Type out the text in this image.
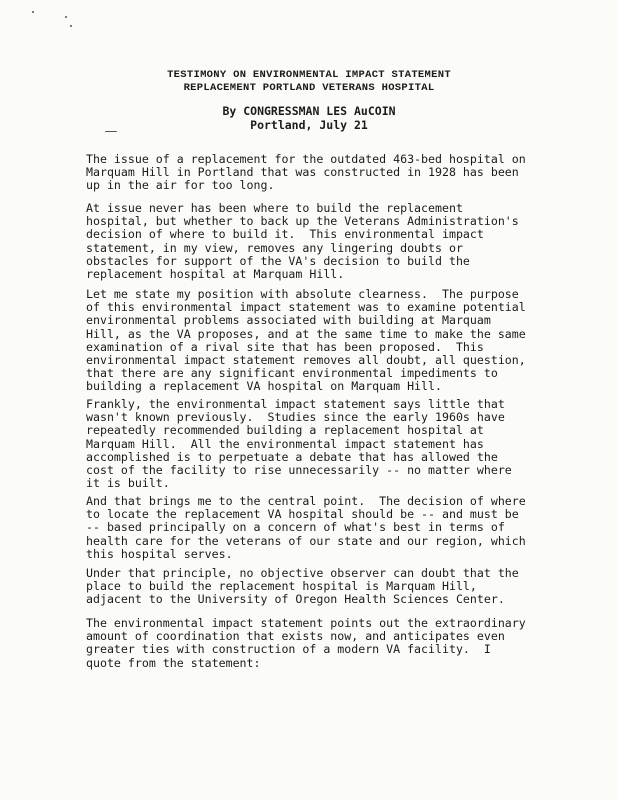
TESTIMONY ON ENVIRONMENTAL IMPACT STATEMENT
REPLACEMENT PORTLAND VETERANS HOSPITAL
By CONGRESSMAN LES AuCOIN
Portland, July 21
The issue of a replacement for the outdated 463-bed hospital on
Marquam Hill in Portland that was constructed in 1928 has been
up in the air for too long.
At issue never has been where to build the replacement
hospital, but whether to back up the Veterans Administration's
decision of where to build it.  This environmental impact
statement, in my view, removes any lingering doubts or
obstacles for support of the VA's decision to build the
replacement hospital at Marquam Hill.
Let me state my position with absolute clearness.  The purpose
of this environmental impact statement was to examine potential
environmental problems associated with building at Marquam
Hill, as the VA proposes, and at the same time to make the same
examination of a rival site that has been proposed.  This
environmental impact statement removes all doubt, all question,
that there are any significant environmental impediments to
building a replacement VA hospital on Marquam Hill.
Frankly, the environmental impact statement says little that
wasn't known previously.  Studies since the early 1960s have
repeatedly recommended building a replacement hospital at
Marquam Hill.  All the environmental impact statement has
accomplished is to perpetuate a debate that has allowed the
cost of the facility to rise unnecessarily -- no matter where
it is built.
And that brings me to the central point.  The decision of where
to locate the replacement VA hospital should be -- and must be
-- based principally on a concern of what's best in terms of
health care for the veterans of our state and our region, which
this hospital serves.
Under that principle, no objective observer can doubt that the
place to build the replacement hospital is Marquam Hill,
adjacent to the University of Oregon Health Sciences Center.
The environmental impact statement points out the extraordinary
amount of coordination that exists now, and anticipates even
greater ties with construction of a modern VA facility.  I
quote from the statement:
